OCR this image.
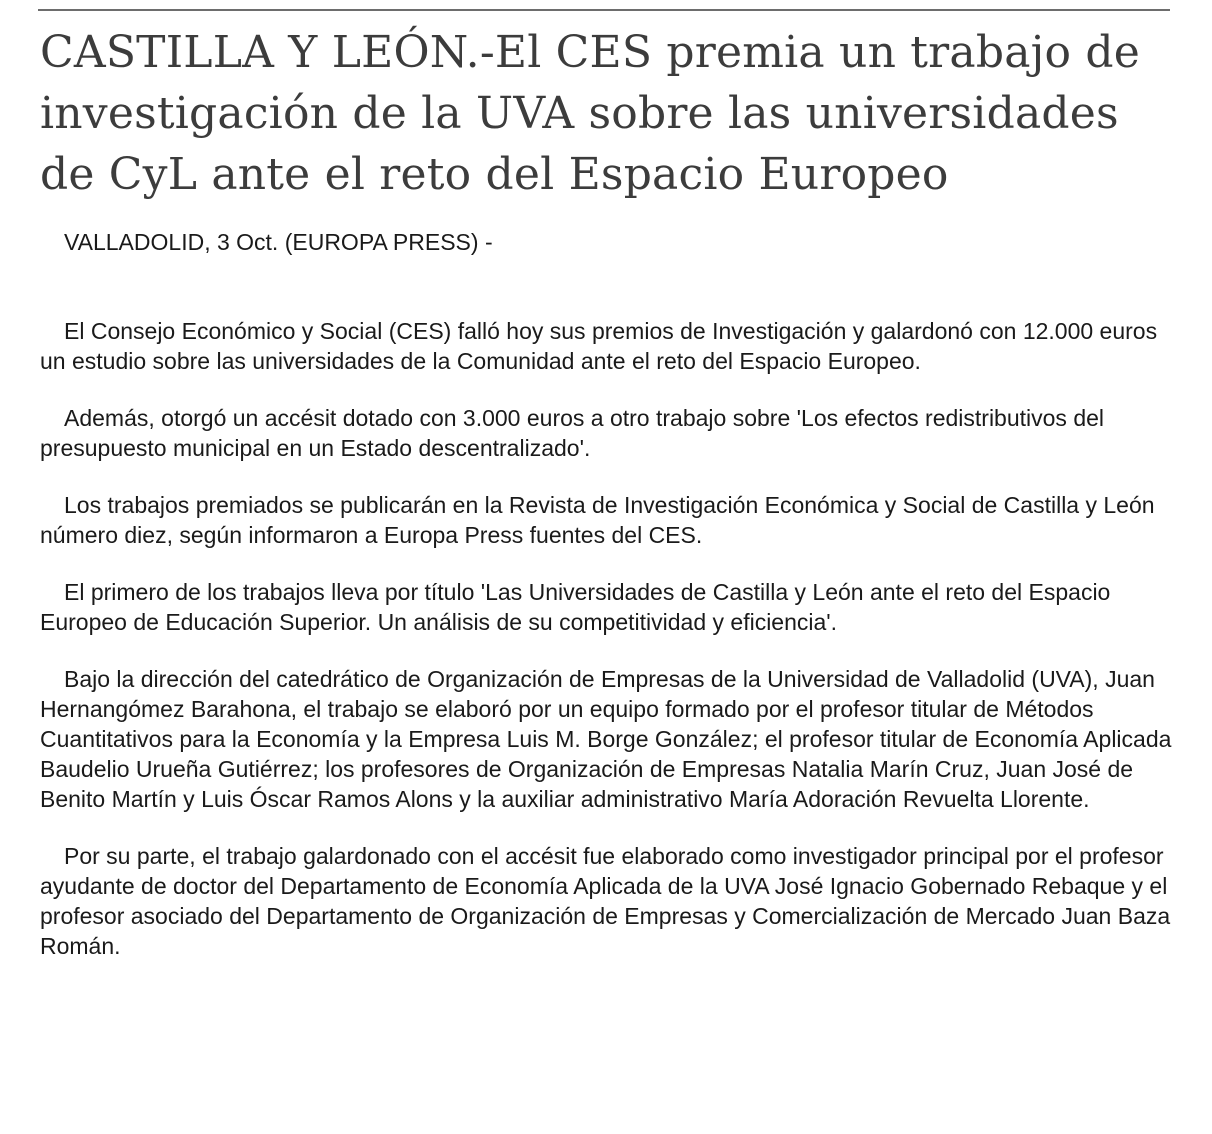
CASTILLA Y LEÓN.-El CES premia un trabajo de investigación de la UVA sobre las universidades de CyL ante el reto del Espacio Europeo
VALLADOLID, 3 Oct. (EUROPA PRESS) -

El Consejo Económico y Social (CES) falló hoy sus premios de Investigación y galardonó con 12.000 euros un estudio sobre las universidades de la Comunidad ante el reto del Espacio Europeo.

Además, otorgó un accésit dotado con 3.000 euros a otro trabajo sobre 'Los efectos redistributivos del presupuesto municipal en un Estado descentralizado'.

Los trabajos premiados se publicarán en la Revista de Investigación Económica y Social de Castilla y León número diez, según informaron a Europa Press fuentes del CES.

El primero de los trabajos lleva por título 'Las Universidades de Castilla y León ante el reto del Espacio Europeo de Educación Superior. Un análisis de su competitividad y eficiencia'.

Bajo la dirección del catedrático de Organización de Empresas de la Universidad de Valladolid (UVA), Juan Hernangómez Barahona, el trabajo se elaboró por un equipo formado por el profesor titular de Métodos Cuantitativos para la Economía y la Empresa Luis M. Borge González; el profesor titular de Economía Aplicada Baudelio Urueña Gutiérrez; los profesores de Organización de Empresas Natalia Marín Cruz, Juan José de Benito Martín y Luis Óscar Ramos Alons y la auxiliar administrativo María Adoración Revuelta Llorente.

Por su parte, el trabajo galardonado con el accésit fue elaborado como investigador principal por el profesor ayudante de doctor del Departamento de Economía Aplicada de la UVA José Ignacio Gobernado Rebaque y el profesor asociado del Departamento de Organización de Empresas y Comercialización de Mercado Juan Baza Román.
